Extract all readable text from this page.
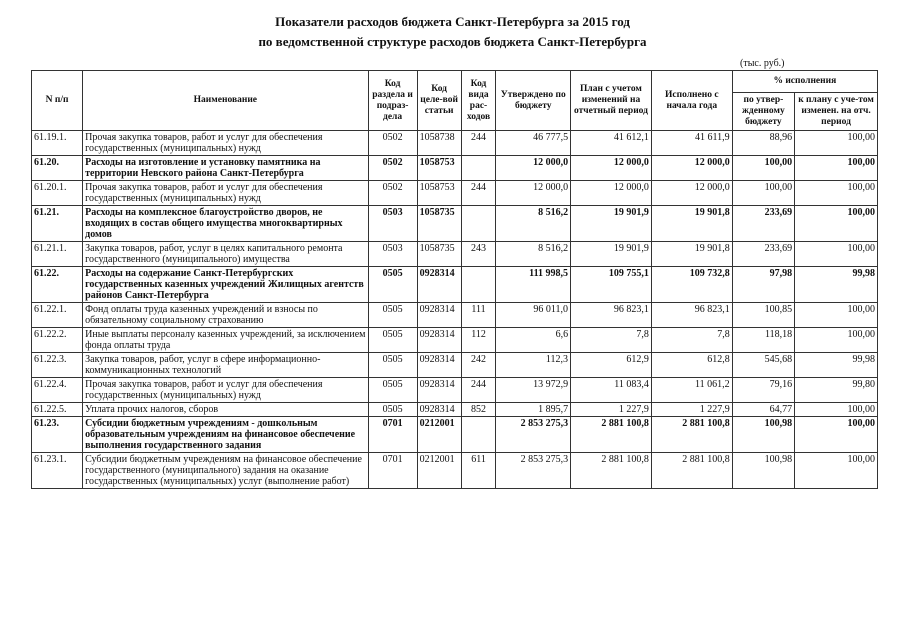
Показатели расходов бюджета Санкт-Петербурга за 2015 год
по ведомственной структуре расходов бюджета Санкт-Петербурга
(тыс. руб.)
N п/п	Наименование	Код раздела и подраз-дела	Код целе-вой статьи	Код вида рас-ходов	Утверждено по бюджету	План с учетом изменений на отчетный период	Исполнено с начала года	% исполнения	
								по утвер-жденному бюджету	к плану с уче-том изменен. на отч. период
61.19.1.	Прочая закупка товаров, работ и услуг для обеспечения государственных (муниципальных) нужд	0502	1058738	244	46 777,5	41 612,1	41 611,9	88,96	100,00
61.20.	Расходы на изготовление и установку памятника на территории Невского района Санкт-Петербурга	0502	1058753		12 000,0	12 000,0	12 000,0	100,00	100,00
61.20.1.	Прочая закупка товаров, работ и услуг для обеспечения государственных (муниципальных) нужд	0502	1058753	244	12 000,0	12 000,0	12 000,0	100,00	100,00
61.21.	Расходы на комплексное благоустройство дворов, не входящих в состав общего имущества многоквартирных домов	0503	1058735		8 516,2	19 901,9	19 901,8	233,69	100,00
61.21.1.	Закупка товаров, работ, услуг в целях капитального ремонта государственного (муниципального) имущества	0503	1058735	243	8 516,2	19 901,9	19 901,8	233,69	100,00
61.22.	Расходы на содержание Санкт-Петербургских государственных казенных учреждений Жилищных агентств районов Санкт-Петербурга	0505	0928314		111 998,5	109 755,1	109 732,8	97,98	99,98
61.22.1.	Фонд оплаты труда казенных учреждений и взносы по обязательному социальному страхованию	0505	0928314	111	96 011,0	96 823,1	96 823,1	100,85	100,00
61.22.2.	Иные выплаты персоналу казенных учреждений, за исключением фонда оплаты труда	0505	0928314	112	6,6	7,8	7,8	118,18	100,00
61.22.3.	Закупка товаров, работ, услуг в сфере информационно-коммуникационных технологий	0505	0928314	242	112,3	612,9	612,8	545,68	99,98
61.22.4.	Прочая закупка товаров, работ и услуг для обеспечения государственных (муниципальных) нужд	0505	0928314	244	13 972,9	11 083,4	11 061,2	79,16	99,80
61.22.5.	Уплата прочих налогов, сборов	0505	0928314	852	1 895,7	1 227,9	1 227,9	64,77	100,00
61.23.	Субсидии бюджетным учреждениям - дошкольным образовательным учреждениям на финансовое обеспечение выполнения государственного задания	0701	0212001		2 853 275,3	2 881 100,8	2 881 100,8	100,98	100,00
61.23.1.	Субсидии бюджетным учреждениям на финансовое обеспечение государственного (муниципального) задания на оказание государственных (муниципальных) услуг (выполнение работ)	0701	0212001	611	2 853 275,3	2 881 100,8	2 881 100,8	100,98	100,00
